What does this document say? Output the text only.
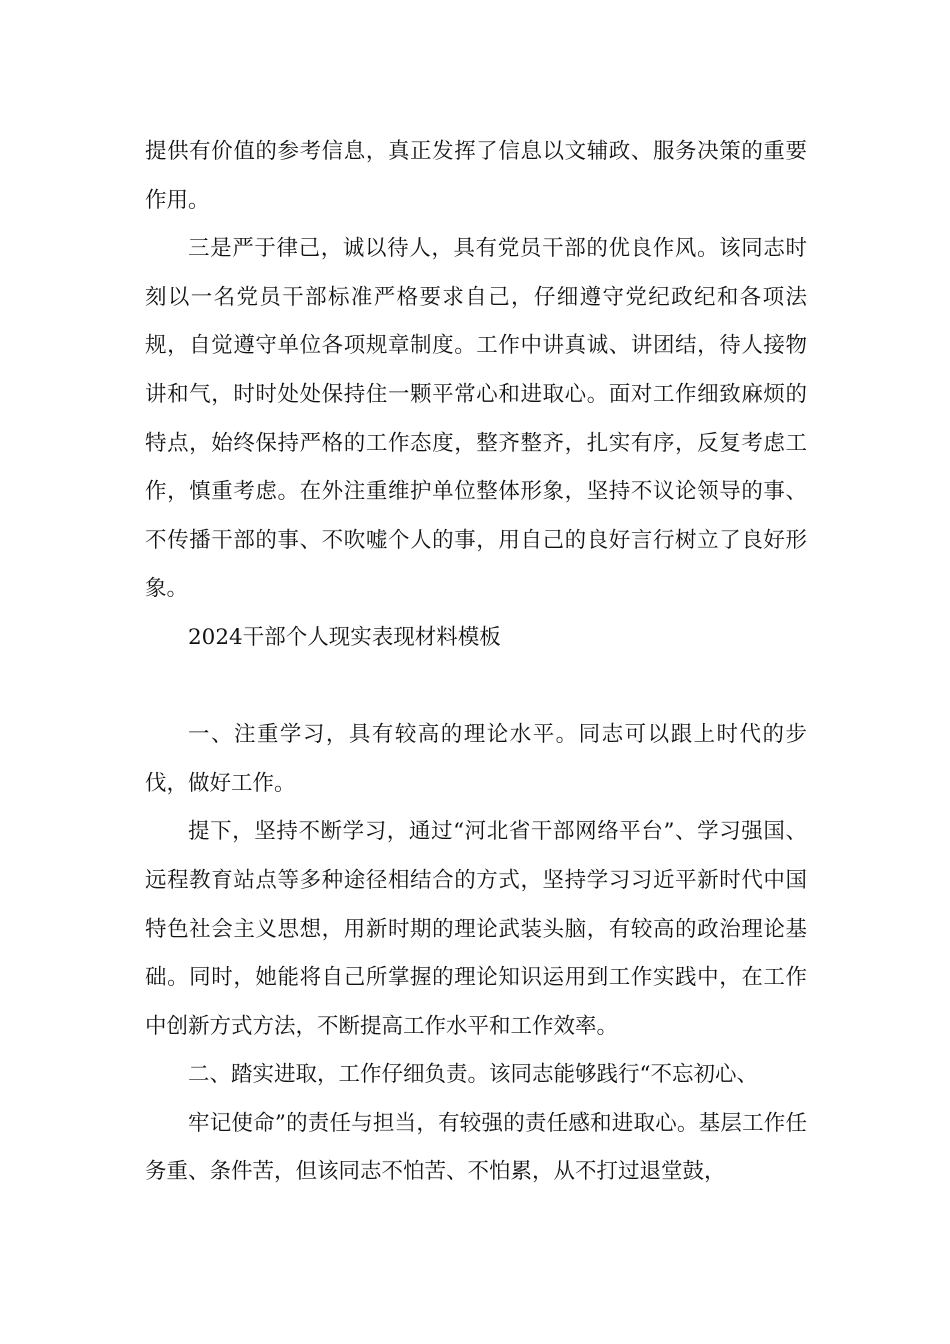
提供有价值的参考信息，真正发挥了信息以文辅政、服务决策的重要作用。

三是严于律己，诚以待人，具有党员干部的优良作风。该同志时刻以一名党员干部标准严格要求自己，仔细遵守党纪政纪和各项法规，自觉遵守单位各项规章制度。工作中讲真诚、讲团结，待人接物讲和气，时时处处保持住一颗平常心和进取心。面对工作细致麻烦的特点，始终保持严格的工作态度，整齐整齐，扎实有序，反复考虑工作，慎重考虑。在外注重维护单位整体形象，坚持不议论领导的事、不传播干部的事、不吹嘘个人的事，用自己的良好言行树立了良好形象。

2024干部个人现实表现材料模板

一、注重学习，具有较高的理论水平。同志可以跟上时代的步伐，做好工作。

提下，坚持不断学习，通过“河北省干部网络平台”、学习强国、远程教育站点等多种途径相结合的方式，坚持学习习近平新时代中国特色社会主义思想，用新时期的理论武装头脑，有较高的政治理论基础。同时，她能将自己所掌握的理论知识运用到工作实践中，在工作中创新方式方法，不断提高工作水平和工作效率。

二、踏实进取，工作仔细负责。该同志能够践行“不忘初心、

牢记使命”的责任与担当，有较强的责任感和进取心。基层工作任务重、条件苦，但该同志不怕苦、不怕累，从不打过退堂鼓，
